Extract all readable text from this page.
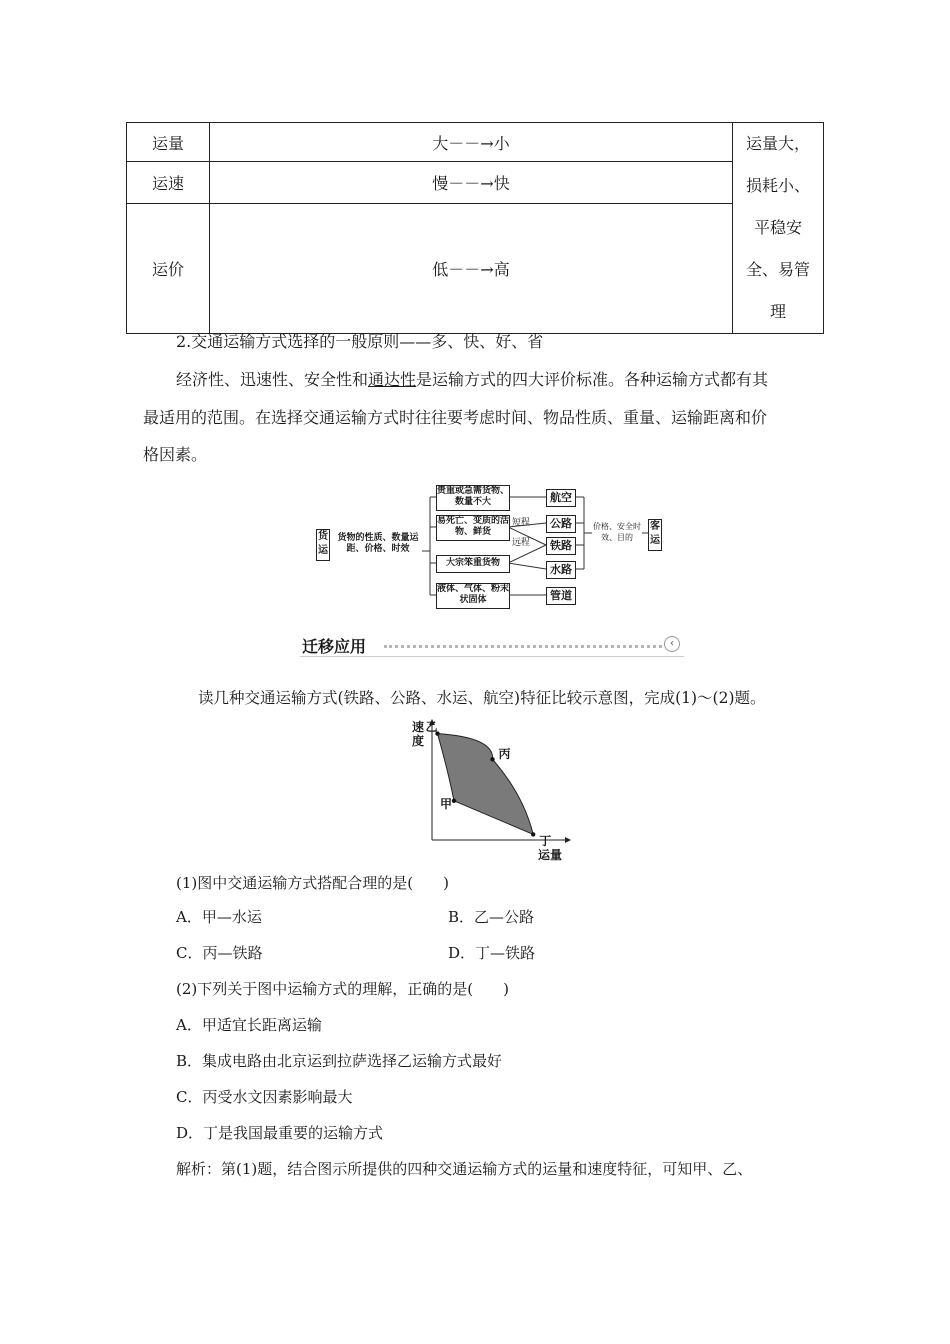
运量	大－－→小	运量大，
损耗小、
平稳安
全、易管
理

运速	慢－－→快	
运价	低－－→高	
2.交通运输方式选择的一般原则——多、快、好、省
经济性、迅速性、安全性和通达性是运输方式的四大评价标准。各种运输方式都有其
最适用的范围。在选择交通运输方式时往往要考虑时间、物品性质、重量、运输距离和价
格因素。
货运
货物的性质、数量运距、价格、时效
贵重或急需货物、数量不大
易死亡、变质的活物、鲜货
大宗笨重货物
液体、气体、粉末状固体
短程
远程
航空
公路
铁路
水路
管道
价格、安全时效、目的
客运
迁移应用	‹
读几种交通运输方式(铁路、公路、水运、航空)特征比较示意图，完成(1)～(2)题。
速度
运量
乙
丙
甲
丁
(1)图中交通运输方式搭配合理的是(　　)
A．甲—水运	B．乙—公路
C．丙—铁路	D．丁—铁路
(2)下列关于图中运输方式的理解，正确的是(　　)
A．甲适宜长距离运输
B．集成电路由北京运到拉萨选择乙运输方式最好
C．丙受水文因素影响最大
D．丁是我国最重要的运输方式
解析：第(1)题，结合图示所提供的四种交通运输方式的运量和速度特征，可知甲、乙、
